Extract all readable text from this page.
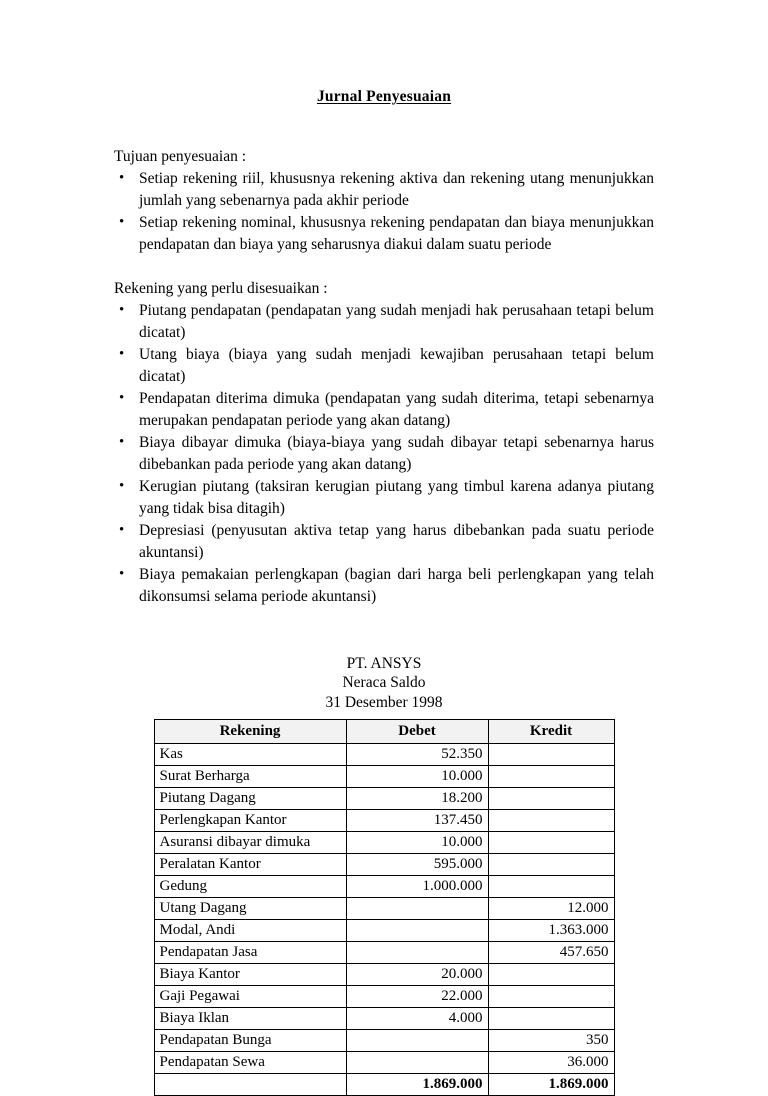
Jurnal Penyesuaian

Tujuan penyesuaian :

• Setiap rekening riil, khususnya rekening aktiva dan rekening utang menunjukkan jumlah yang sebenarnya pada akhir periode
• Setiap rekening nominal, khususnya rekening pendapatan dan biaya menunjukkan pendapatan dan biaya yang seharusnya diakui dalam suatu periode

Rekening yang perlu disesuaikan :

• Piutang pendapatan (pendapatan yang sudah menjadi hak perusahaan tetapi belum dicatat)
• Utang biaya (biaya yang sudah menjadi kewajiban perusahaan tetapi belum dicatat)
• Pendapatan diterima dimuka (pendapatan yang sudah diterima, tetapi sebenarnya merupakan pendapatan periode yang akan datang)
• Biaya dibayar dimuka (biaya-biaya yang sudah dibayar tetapi sebenarnya harus dibebankan pada periode yang akan datang)
• Kerugian piutang (taksiran kerugian piutang yang timbul karena adanya piutang yang tidak bisa ditagih)
• Depresiasi (penyusutan aktiva tetap yang harus dibebankan pada suatu periode akuntansi)
• Biaya pemakaian perlengkapan (bagian dari harga beli perlengkapan yang telah dikonsumsi selama periode akuntansi)
PT. ANSYS
Neraca Saldo
31 Desember 1998
Rekening	Debet	Kredit
Kas	52.350	
Surat Berharga	10.000	
Piutang Dagang	18.200	
Perlengkapan Kantor	137.450	
Asuransi dibayar dimuka	10.000	
Peralatan Kantor	595.000	
Gedung	1.000.000	
Utang Dagang		12.000
Modal, Andi		1.363.000
Pendapatan Jasa		457.650
Biaya Kantor	20.000	
Gaji Pegawai	22.000	
Biaya Iklan	4.000	
Pendapatan Bunga		350
Pendapatan Sewa		36.000
	1.869.000	1.869.000
